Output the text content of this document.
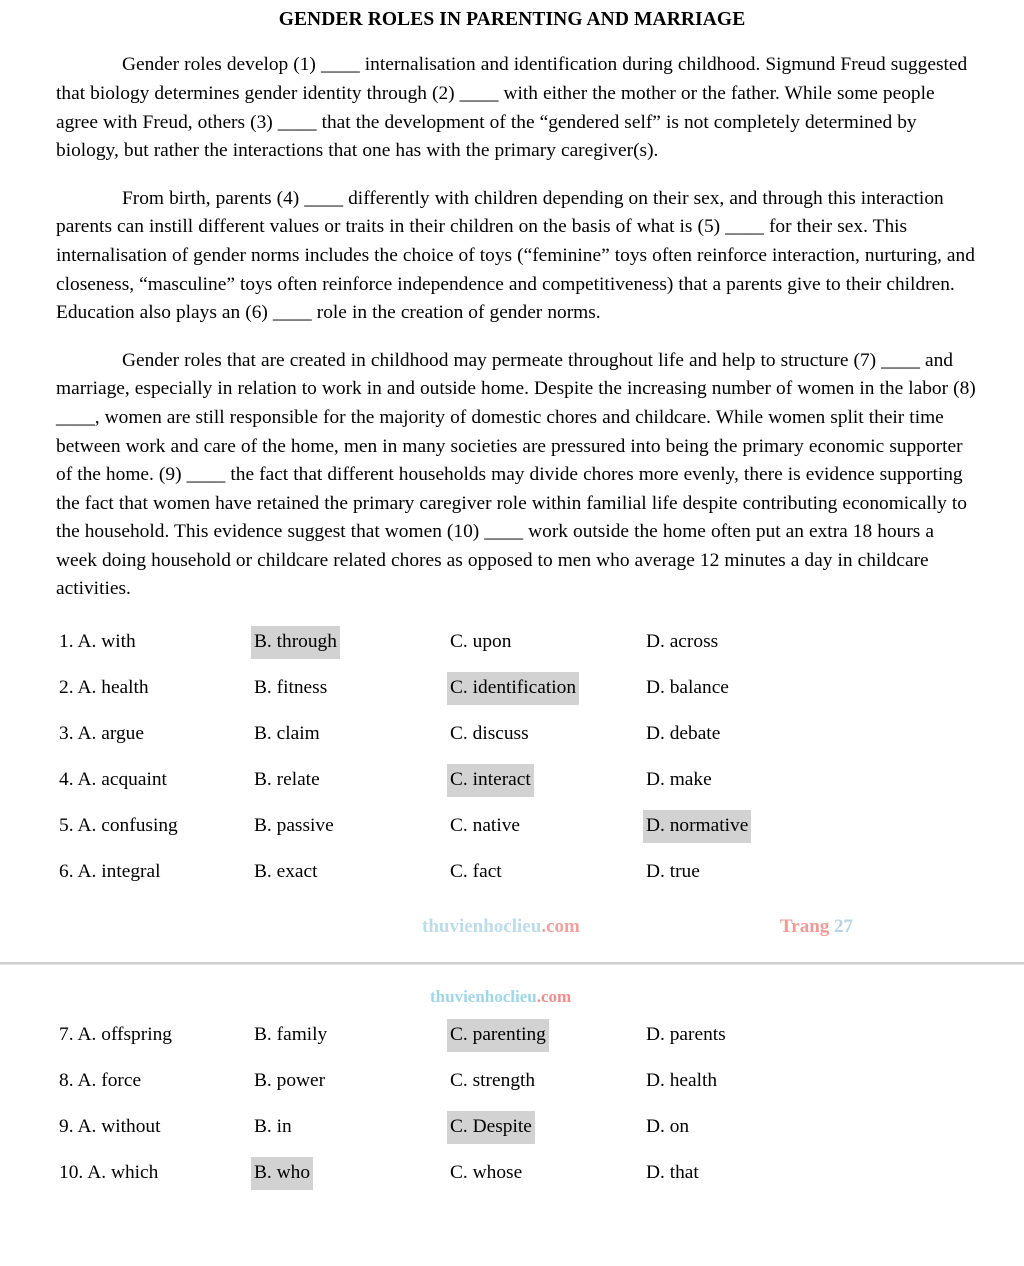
GENDER ROLES IN PARENTING AND MARRIAGE

Gender roles develop (1) ____ internalisation and identification during childhood. Sigmund Freud suggested that biology determines gender identity through (2) ____ with either the mother or the father. While some people agree with Freud, others (3) ____ that the development of the “gendered self” is not completely determined by biology, but rather the interactions that one has with the primary caregiver(s).

From birth, parents (4) ____ differently with children depending on their sex, and through this interaction parents can instill different values or traits in their children on the basis of what is (5) ____ for their sex. This internalisation of gender norms includes the choice of toys (“feminine” toys often reinforce interaction, nurturing, and closeness, “masculine” toys often reinforce independence and competitiveness) that a parents give to their children. Education also plays an (6) ____ role in the creation of gender norms.

Gender roles that are created in childhood may permeate throughout life and help to structure (7) ____ and marriage, especially in relation to work in and outside home. Despite the increasing number of women in the labor (8) ____, women are still responsible for the majority of domestic chores and childcare. While women split their time between work and care of the home, men in many societies are pressured into being the primary economic supporter of the home. (9) ____ the fact that different households may divide chores more evenly, there is evidence supporting the fact that women have retained the primary caregiver role within familial life despite contributing economically to the household. This evidence suggest that women (10) ____ work outside the home often put an extra 18 hours a week doing household or childcare related chores as opposed to men who average 12 minutes a day in childcare activities.

1. A. with	B. through	C. upon	D. across
2. A. health	B. fitness	C. identification	D. balance
3. A. argue	B. claim	C. discuss	D. debate
4. A. acquaint	B. relate	C. interact	D. make
5. A. confusing	B. passive	C. native	D. normative
6. A. integral	B. exact	C. fact	D. true
thuvienhoclieu.com	Trang 27
thuvienhoclieu.com
7. A. offspring	B. family	C. parenting	D. parents
8. A. force	B. power	C. strength	D. health
9. A. without	B. in	C. Despite	D. on
10. A. which	B. who	C. whose	D. that
